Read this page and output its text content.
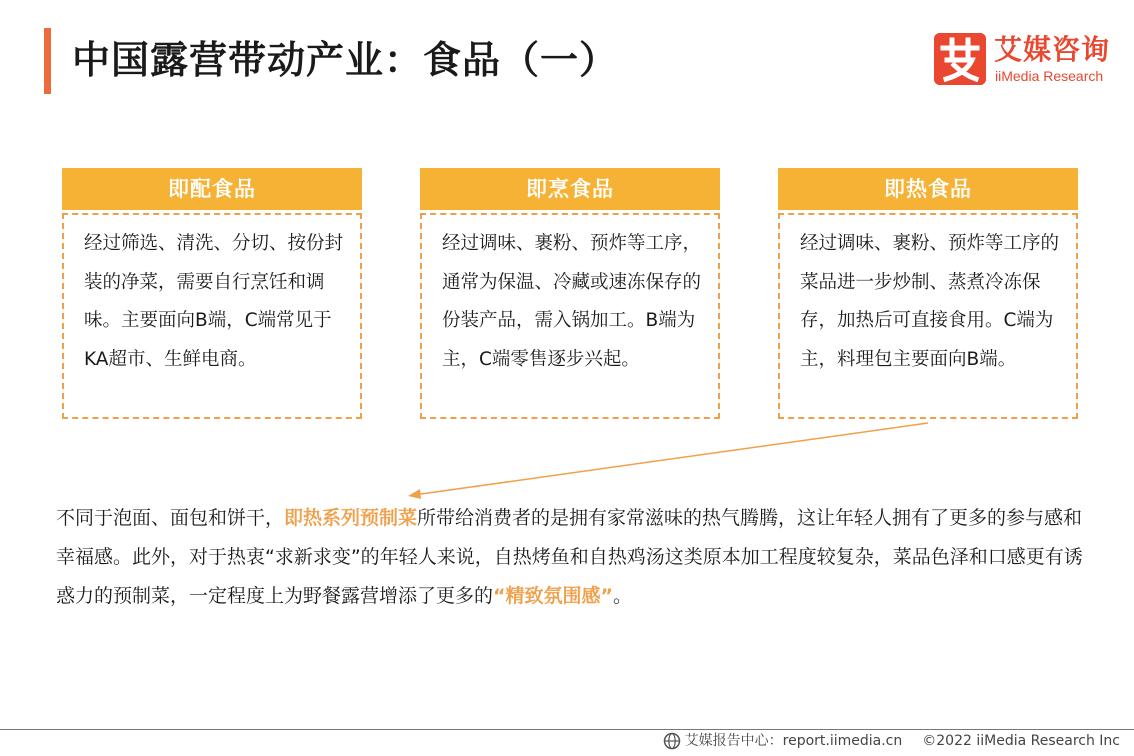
中国露营带动产业：食品（一）	艾媒咨询
iiMedia Research
即配食品
经过筛选、清洗、分切、按份封装的净菜，需要自行烹饪和调味。主要面向B端，C端常见于KA超市、生鲜电商。
即烹食品
经过调味、裹粉、预炸等工序，通常为保温、冷藏或速冻保存的份装产品，需入锅加工。B端为主，C端零售逐步兴起。
即热食品
经过调味、裹粉、预炸等工序的菜品进一步炒制、蒸煮冷冻保存，加热后可直接食用。C端为主，料理包主要面向B端。
不同于泡面、面包和饼干，即热系列预制菜所带给消费者的是拥有家常滋味的热气腾腾，这让年轻人拥有了更多的参与感和幸福感。此外，对于热衷“求新求变”的年轻人来说，自热烤鱼和自热鸡汤这类原本加工程度较复杂，菜品色泽和口感更有诱惑力的预制菜，一定程度上为野餐露营增添了更多的“精致氛围感”。
艾媒报告中心：report.iimedia.cn ©2022 iiMedia Research Inc
